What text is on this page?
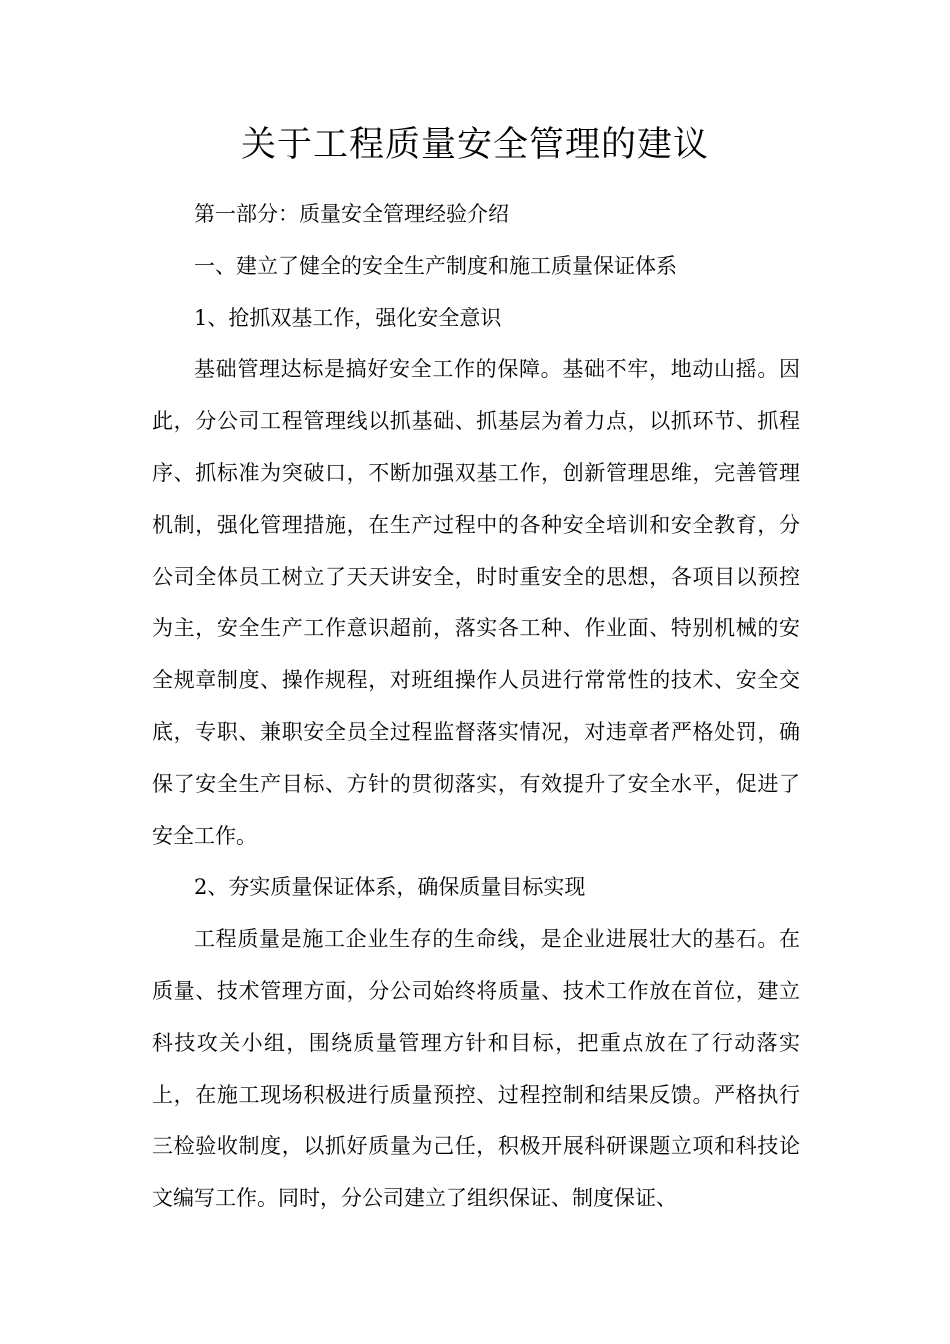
关于工程质量安全管理的建议

第一部分：质量安全管理经验介绍

一、建立了健全的安全生产制度和施工质量保证体系

1、抢抓双基工作，强化安全意识

基础管理达标是搞好安全工作的保障。基础不牢，地动山摇。因此，分公司工程管理线以抓基础、抓基层为着力点，以抓环节、抓程序、抓标准为突破口，不断加强双基工作，创新管理思维，完善管理机制，强化管理措施，在生产过程中的各种安全培训和安全教育，分公司全体员工树立了天天讲安全，时时重安全的思想，各项目以预控为主，安全生产工作意识超前，落实各工种、作业面、特别机械的安全规章制度、操作规程，对班组操作人员进行常常性的技术、安全交底，专职、兼职安全员全过程监督落实情况，对违章者严格处罚，确保了安全生产目标、方针的贯彻落实，有效提升了安全水平，促进了安全工作。

2、夯实质量保证体系，确保质量目标实现

工程质量是施工企业生存的生命线，是企业进展壮大的基石。在质量、技术管理方面，分公司始终将质量、技术工作放在首位，建立科技攻关小组，围绕质量管理方针和目标，把重点放在了行动落实上，在施工现场积极进行质量预控、过程控制和结果反馈。严格执行三检验收制度，以抓好质量为己任，积极开展科研课题立项和科技论文编写工作。同时，分公司建立了组织保证、制度保证、
